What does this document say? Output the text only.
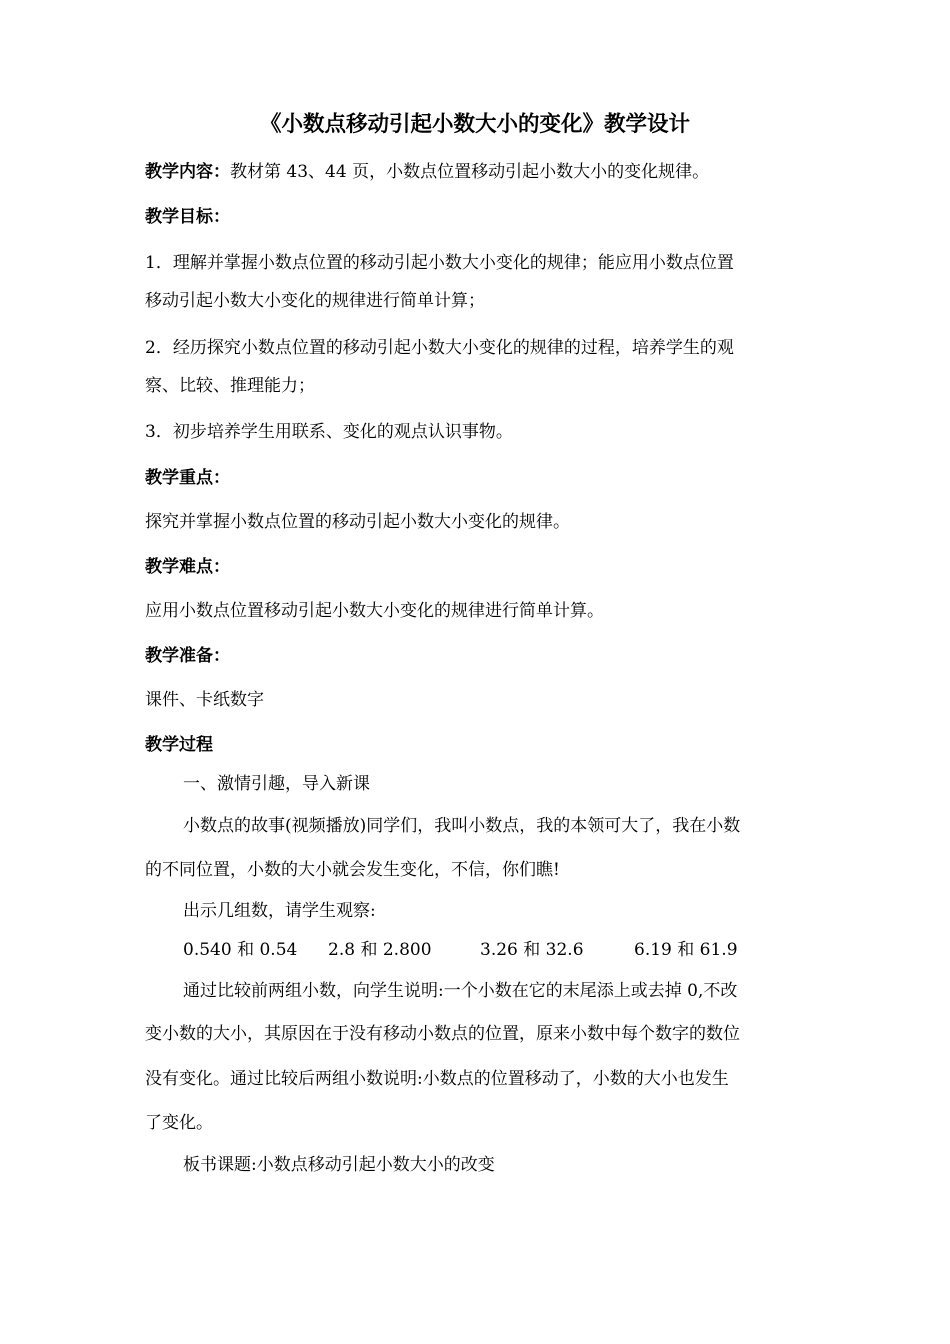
《小数点移动引起小数大小的变化》教学设计
教学内容：教材第 43、44 页，小数点位置移动引起小数大小的变化规律。
教学目标：
1．理解并掌握小数点位置的移动引起小数大小变化的规律；能应用小数点位置
移动引起小数大小变化的规律进行简单计算；
2．经历探究小数点位置的移动引起小数大小变化的规律的过程，培养学生的观
察、比较、推理能力；
3．初步培养学生用联系、变化的观点认识事物。
教学重点：
探究并掌握小数点位置的移动引起小数大小变化的规律。
教学难点：
应用小数点位置移动引起小数大小变化的规律进行简单计算。
教学准备：
课件、卡纸数字
教学过程
一、激情引趣，导入新课
小数点的故事(视频播放)同学们，我叫小数点，我的本领可大了，我在小数
的不同位置，小数的大小就会发生变化，不信，你们瞧!
出示几组数，请学生观察:
0.540 和 0.54 2.8 和 2.800	3.26 和 32.6	6.19 和 61.9
通过比较前两组小数，向学生说明:一个小数在它的末尾添上或去掉 0,不改
变小数的大小，其原因在于没有移动小数点的位置，原来小数中每个数字的数位
没有变化。通过比较后两组小数说明:小数点的位置移动了，小数的大小也发生
了变化。
板书课题:小数点移动引起小数大小的改变
